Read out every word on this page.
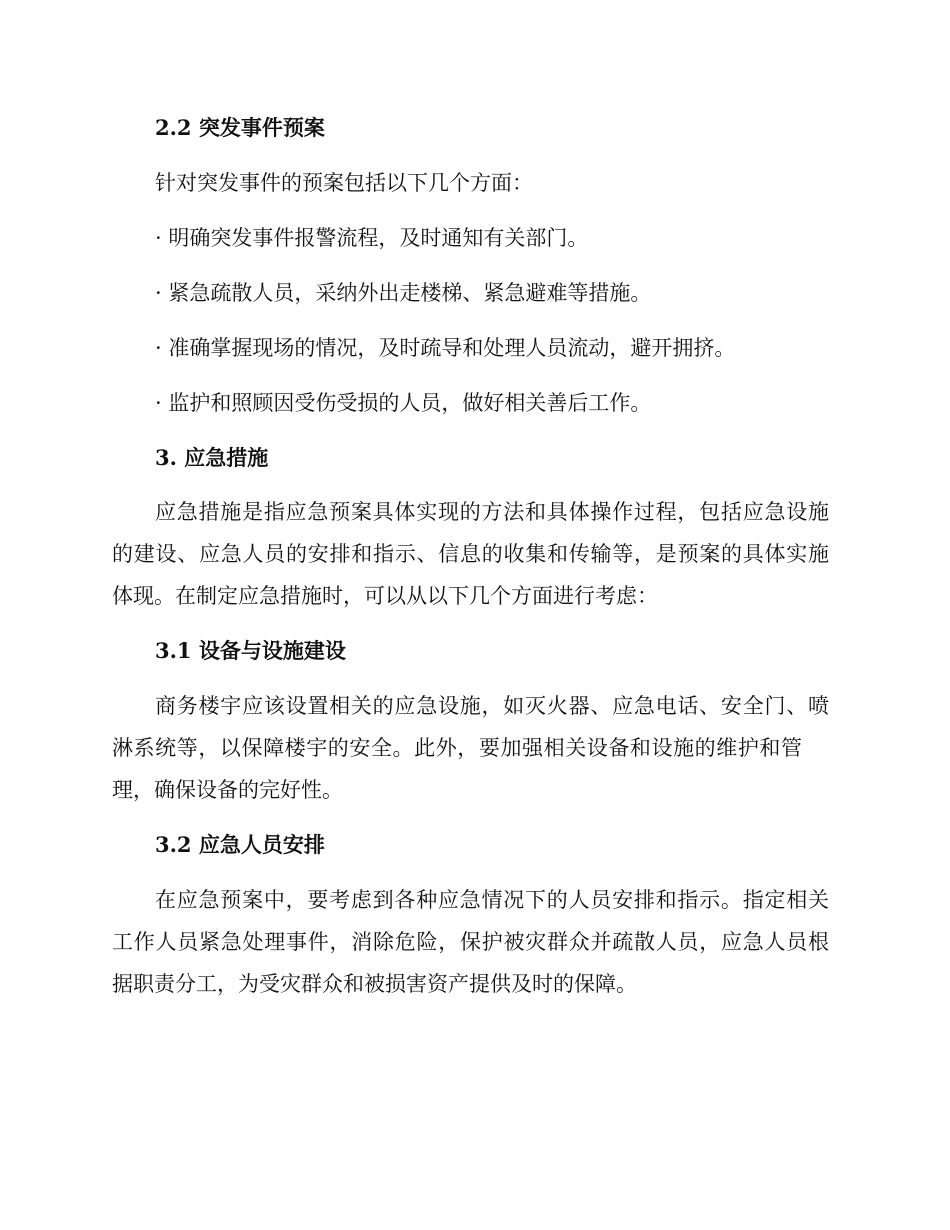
2.2 突发事件预案
针对突发事件的预案包括以下几个方面：
· 明确突发事件报警流程，及时通知有关部门。
· 紧急疏散人员，采纳外出走楼梯、紧急避难等措施。
· 准确掌握现场的情况，及时疏导和处理人员流动，避开拥挤。
· 监护和照顾因受伤受损的人员，做好相关善后工作。
3. 应急措施
应急措施是指应急预案具体实现的方法和具体操作过程，包括应急设施
的建设、应急人员的安排和指示、信息的收集和传输等，是预案的具体实施
体现。在制定应急措施时，可以从以下几个方面进行考虑：
3.1 设备与设施建设
商务楼宇应该设置相关的应急设施，如灭火器、应急电话、安全门、喷
淋系统等，以保障楼宇的安全。此外，要加强相关设备和设施的维护和管
理，确保设备的完好性。
3.2 应急人员安排
在应急预案中，要考虑到各种应急情况下的人员安排和指示。指定相关
工作人员紧急处理事件，消除危险，保护被灾群众并疏散人员，应急人员根
据职责分工，为受灾群众和被损害资产提供及时的保障。
